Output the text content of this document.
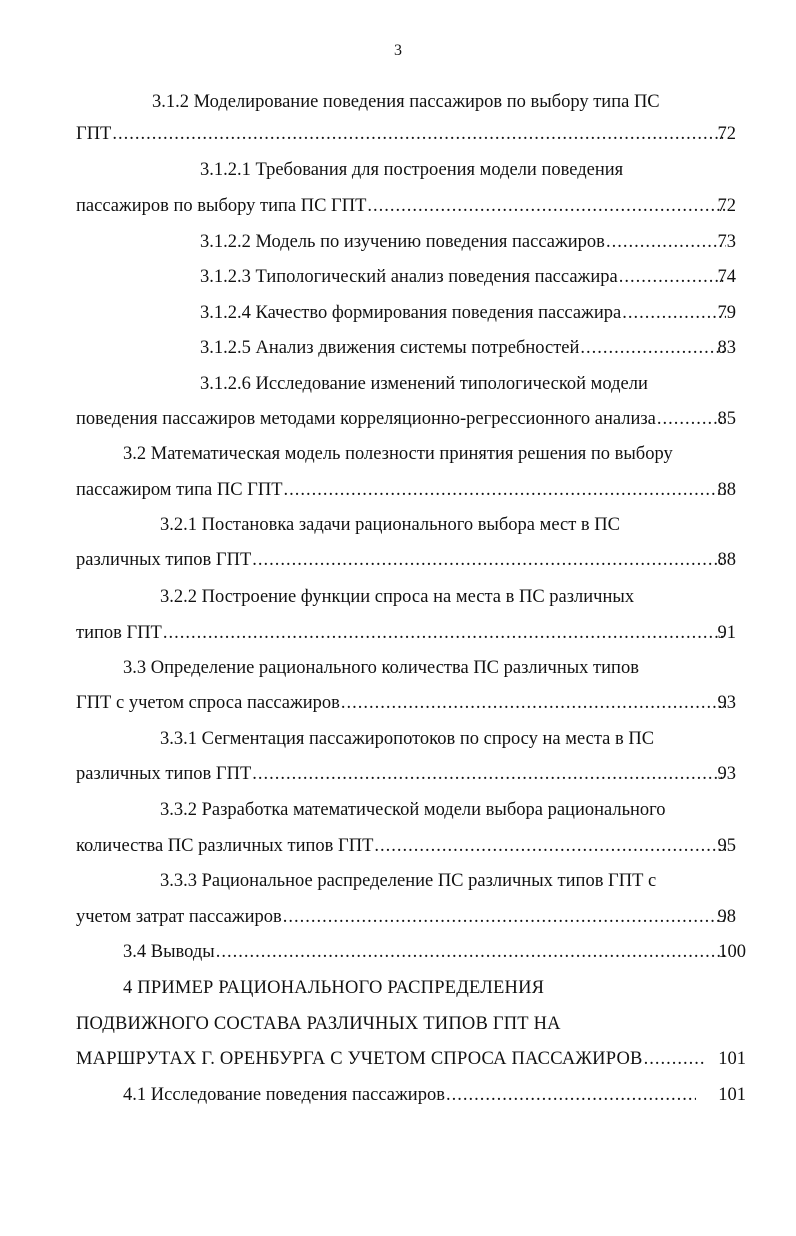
3
3.1.2 Моделирование поведения пассажиров по выбору типа ПС
ГПТ .....	72
3.1.2.1 Требования для построения модели поведения
пассажиров по выбору типа ПС ГПТ .....	72
3.1.2.2 Модель по изучению поведения пассажиров .....	73
3.1.2.3 Типологический анализ поведения пассажира .....	74
3.1.2.4 Качество формирования поведения пассажира .....	79
3.1.2.5 Анализ движения системы потребностей .....	83
3.1.2.6 Исследование изменений типологической модели
поведения пассажиров методами корреляционно-регрессионного анализа .....	85
3.2 Математическая модель полезности принятия решения по выбору
пассажиром типа ПС ГПТ .....	88
3.2.1 Постановка задачи рационального выбора мест в ПС
различных типов ГПТ .....	88
3.2.2 Построение функции спроса на места в ПС различных
типов ГПТ .....	91
3.3 Определение рационального количества ПС различных типов
ГПТ с учетом спроса пассажиров .....	93
3.3.1 Сегментация пассажиропотоков по спросу на места в ПС
различных типов ГПТ .....	93
3.3.2 Разработка математической модели выбора рационального
количества ПС различных типов ГПТ .....	95
3.3.3 Рациональное распределение ПС различных типов ГПТ с
учетом затрат пассажиров .....	98
3.4 Выводы .....	100
4 ПРИМЕР РАЦИОНАЛЬНОГО РАСПРЕДЕЛЕНИЯ
ПОДВИЖНОГО СОСТАВА РАЗЛИЧНЫХ ТИПОВ ГПТ НА
МАРШРУТАХ Г. ОРЕНБУРГА С УЧЕТОМ СПРОСА ПАССАЖИРОВ .....	101
4.1 Исследование поведения пассажиров .....	101
